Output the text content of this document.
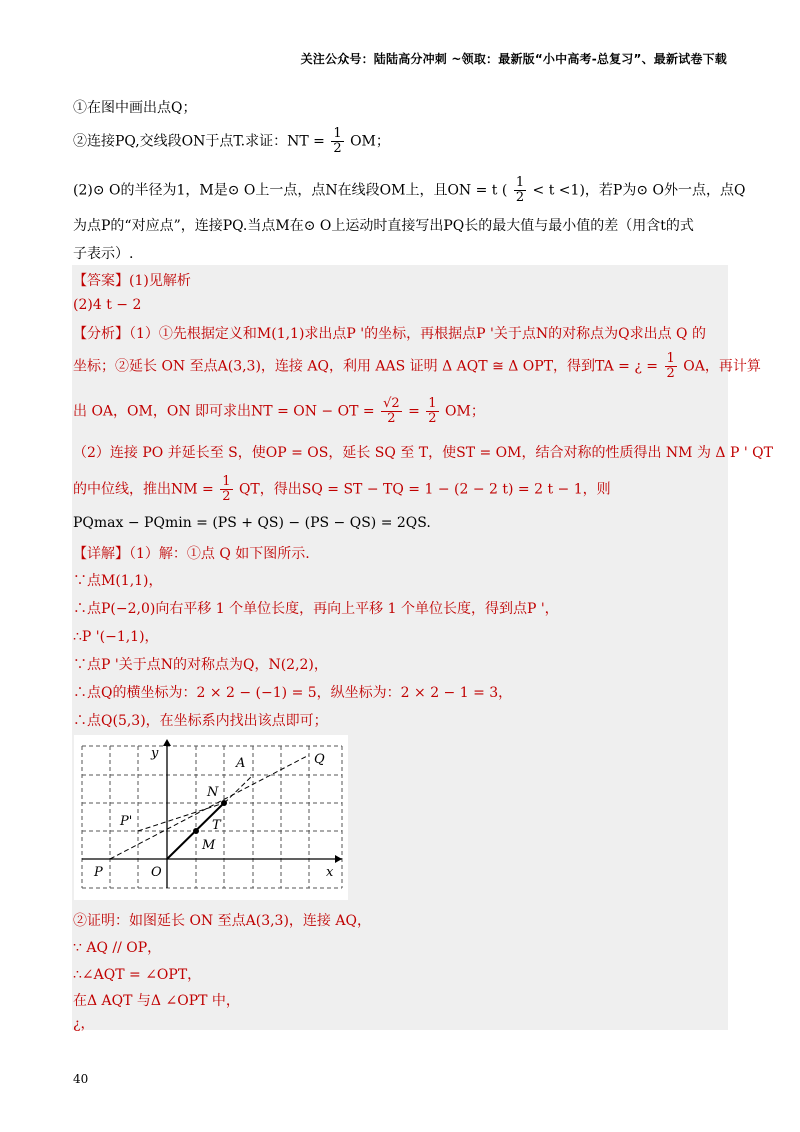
关注公众号：陆陆高分冲刺 ~领取：最新版“小中高考-总复习”、最新试卷下载
①在图中画出点Q；
②连接PQ,交线段ON于点T.求证：NT = $\frac{1}{2}$ OM；
(2)⊙ O的半径为1，M是⊙ O上一点，点N在线段OM上，且ON = t ( $\frac{1}{2} < t <1$)，若P为⊙ O外一点，点Q
为点P的“对应点”，连接PQ.当点M在⊙ O上运动时直接写出PQ长的最大值与最小值的差（用含t的式
子表示）.
【答案】(1)见解析
(2)4 t − 2
【分析】（1）①先根据定义和M(1,1)求出点P '的坐标，再根据点P '关于点N的对称点为Q求出点 Q 的
坐标；②延长 ON 至点A(3,3)，连接 AQ，利用 AAS 证明 Δ AQT ≅ Δ OPT，得到TA = ¿ = $\frac{1}{2}$ OA，再计算
出 OA，OM，ON 即可求出NT = ON − OT = $\frac{√2}{2} = \frac{1}{2}$ OM；
（2）连接 PO 并延长至 S，使OP = OS，延长 SQ 至 T，使ST = OM，结合对称的性质得出 NM 为 Δ P ' QT
的中位线，推出NM = $\frac{1}{2}$ QT，得出SQ = ST − TQ = 1 − (2 − 2 t) = 2 t − 1，则
PQmax − PQmin = (PS + QS) − (PS − QS) = 2QS.
【详解】（1）解：①点 Q 如下图所示.
∵点M(1,1)，
∴点P(−2,0)向右平移 1 个单位长度，再向上平移 1 个单位长度，得到点P '，
∴P '(−1,1)，
∵点P '关于点N的对称点为Q，N(2,2)，
∴点Q的横坐标为：2 × 2 − (−1) = 5，纵坐标为：2 × 2 − 1 = 3，
∴点Q(5,3)，在坐标系内找出该点即可；
y
A	Q
N
P'	T
M
P	O	x
②证明：如图延长 ON 至点A(3,3)，连接 AQ，
∵ AQ // OP，
∴∠AQT = ∠OPT，
在Δ AQT 与Δ ∠OPT 中，
¿，
40
